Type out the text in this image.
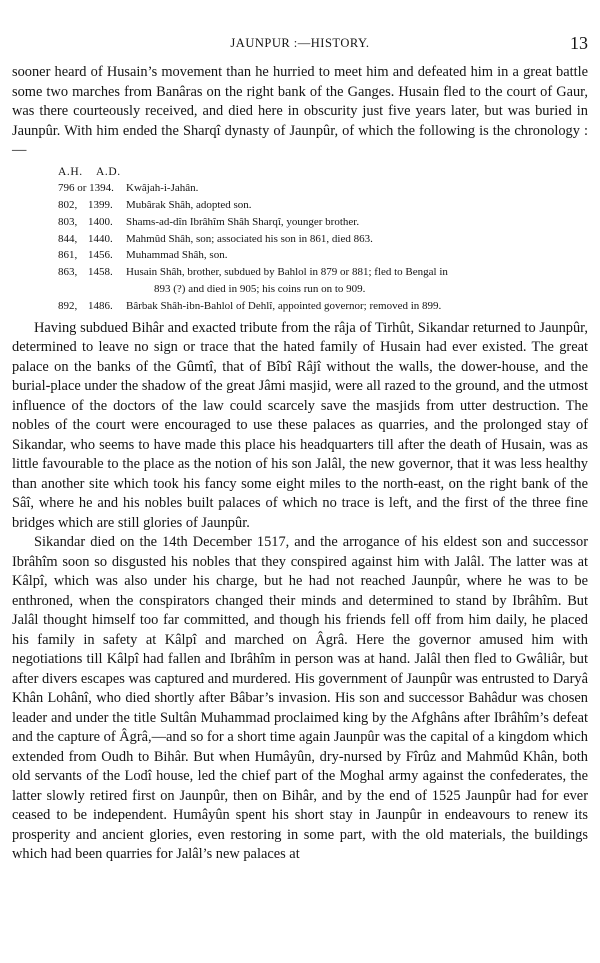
JAUNPUR :—HISTORY.	13

sooner heard of Husain’s movement than he hurried to meet him and defeated him in a great battle some two marches from Banâras on the right bank of the Ganges. Husain fled to the court of Gaur, was there courteously received, and died here in obscurity just five years later, but was buried in Jaunpûr. With him ended the Sharqî dynasty of Jaunpûr, of which the following is the chronology :—

A.H. A.D.
796 or 1394.	Kwâjah-i-Jahân.
802, 1399.	Mubârak Shâh, adopted son.
803, 1400.	Shams-ad-dîn Ibrâhîm Shâh Sharqî, younger brother.
844, 1440.	Mahmûd Shâh, son; associated his son in 861, died 863.
861, 1456.	Muhammad Shâh, son.
863, 1458.	Husain Shâh, brother, subdued by Bahlol in 879 or 881; fled to Bengal in
893 (?) and died in 905; his coins run on to 909.
892, 1486.	Bârbak Shâh-ibn-Bahlol of Dehlî, appointed governor; removed in 899.

Having subdued Bihâr and exacted tribute from the râja of Tirhût, Sikandar returned to Jaunpûr, determined to leave no sign or trace that the hated family of Husain had ever existed. The great palace on the banks of the Gûmtî, that of Bîbî Râjî without the walls, the dower-house, and the burial-place under the shadow of the great Jâmi masjid, were all razed to the ground, and the utmost influence of the doctors of the law could scarcely save the masjids from utter destruction. The nobles of the court were encouraged to use these palaces as quarries, and the prolonged stay of Sikandar, who seems to have made this place his headquarters till after the death of Husain, was as little favourable to the place as the notion of his son Jalâl, the new governor, that it was less healthy than another site which took his fancy some eight miles to the north-east, on the right bank of the Sâî, where he and his nobles built palaces of which no trace is left, and the first of the three fine bridges which are still glories of Jaunpûr.

Sikandar died on the 14th December 1517, and the arrogance of his eldest son and successor Ibrâhîm soon so disgusted his nobles that they conspired against him with Jalâl. The latter was at Kâlpî, which was also under his charge, but he had not reached Jaunpûr, where he was to be enthroned, when the conspirators changed their minds and determined to stand by Ibrâhîm. But Jalâl thought himself too far committed, and though his friends fell off from him daily, he placed his family in safety at Kâlpî and marched on Âgrâ. Here the governor amused him with negotiations till Kâlpî had fallen and Ibrâhîm in person was at hand. Jalâl then fled to Gwâliâr, but after divers escapes was captured and murdered. His government of Jaunpûr was entrusted to Daryâ Khân Lohânî, who died shortly after Bâbar’s invasion. His son and successor Bahâdur was chosen leader and under the title Sultân Muhammad proclaimed king by the Afghâns after Ibrâhîm’s defeat and the capture of Âgrâ,—and so for a short time again Jaunpûr was the capital of a kingdom which extended from Oudh to Bihâr. But when Humâyûn, dry-nursed by Fîrûz and Mahmûd Khân, both old servants of the Lodî house, led the chief part of the Moghal army against the confederates, the latter slowly retired first on Jaunpûr, then on Bihâr, and by the end of 1525 Jaunpûr had for ever ceased to be independent. Humâyûn spent his short stay in Jaunpûr in endeavours to renew its prosperity and ancient glories, even restoring in some part, with the old materials, the buildings which had been quarries for Jalâl’s new palaces at
